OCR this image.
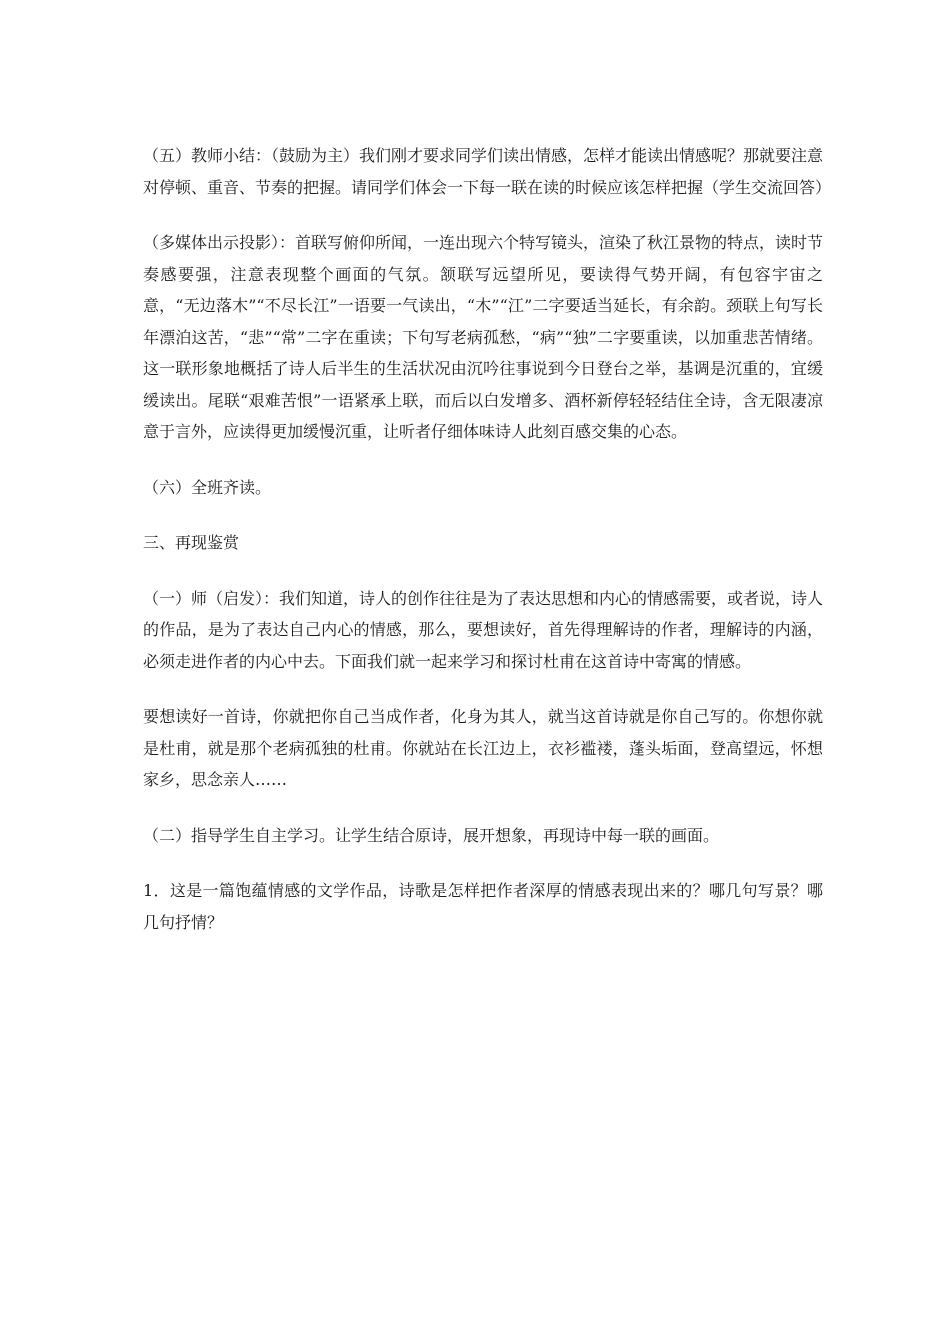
（五）教师小结：（鼓励为主）我们刚才要求同学们读出情感，怎样才能读出情感呢？那就要注意对停顿、重音、节奏的把握。请同学们体会一下每一联在读的时候应该怎样把握（学生交流回答）

（多媒体出示投影）：首联写俯仰所闻，一连出现六个特写镜头，渲染了秋江景物的特点，读时节奏感要强，注意表现整个画面的气氛。颔联写远望所见，要读得气势开阔，有包容宇宙之意，“无边落木”“不尽长江”一语要一气读出，“木”“江”二字要适当延长，有余韵。颈联上句写长年漂泊这苦，“悲”“常”二字在重读；下句写老病孤愁，“病”“独”二字要重读，以加重悲苦情绪。这一联形象地概括了诗人后半生的生活状况由沉吟往事说到今日登台之举，基调是沉重的，宜缓缓读出。尾联“艰难苦恨”一语紧承上联，而后以白发增多、酒杯新停轻轻结住全诗，含无限凄凉意于言外，应读得更加缓慢沉重，让听者仔细体味诗人此刻百感交集的心态。

（六）全班齐读。

三、再现鉴赏

（一）师（启发）：我们知道，诗人的创作往往是为了表达思想和内心的情感需要，或者说，诗人的作品，是为了表达自己内心的情感，那么，要想读好，首先得理解诗的作者，理解诗的内涵，必须走进作者的内心中去。下面我们就一起来学习和探讨杜甫在这首诗中寄寓的情感。

要想读好一首诗，你就把你自己当成作者，化身为其人，就当这首诗就是你自己写的。你想你就是杜甫，就是那个老病孤独的杜甫。你就站在长江边上，衣衫褴褛，蓬头垢面，登高望远，怀想家乡，思念亲人……

（二）指导学生自主学习。让学生结合原诗，展开想象，再现诗中每一联的画面。

1．这是一篇饱蕴情感的文学作品，诗歌是怎样把作者深厚的情感表现出来的？哪几句写景？哪几句抒情？
